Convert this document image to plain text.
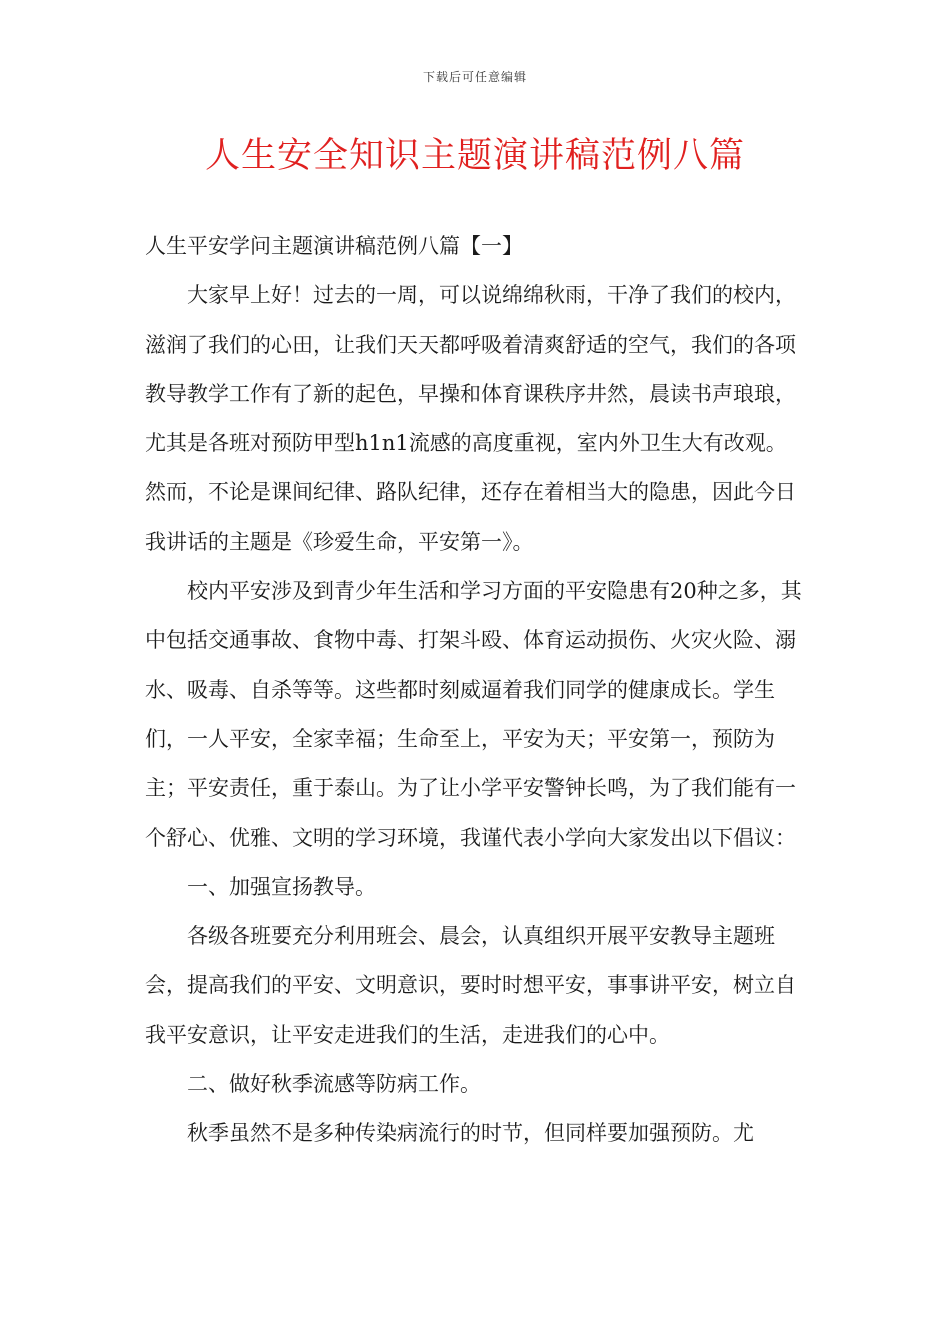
下载后可任意编辑
人生安全知识主题演讲稿范例八篇

人生平安学问主题演讲稿范例八篇【一】

大家早上好！过去的一周，可以说绵绵秋雨，干净了我们的校内，滋润了我们的心田，让我们天天都呼吸着清爽舒适的空气，我们的各项教导教学工作有了新的起色，早操和体育课秩序井然，晨读书声琅琅，尤其是各班对预防甲型h1n1流感的高度重视，室内外卫生大有改观。然而，不论是课间纪律、路队纪律，还存在着相当大的隐患，因此今日我讲话的主题是《珍爱生命，平安第一》。

校内平安涉及到青少年生活和学习方面的平安隐患有20种之多，其中包括交通事故、食物中毒、打架斗殴、体育运动损伤、火灾火险、溺水、吸毒、自杀等等。这些都时刻威逼着我们同学的健康成长。学生们，一人平安，全家幸福；生命至上，平安为天；平安第一，预防为主；平安责任，重于泰山。为了让小学平安警钟长鸣，为了我们能有一个舒心、优雅、文明的学习环境，我谨代表小学向大家发出以下倡议：

一、加强宣扬教导。

各级各班要充分利用班会、晨会，认真组织开展平安教导主题班会，提高我们的平安、文明意识，要时时想平安，事事讲平安，树立自我平安意识，让平安走进我们的生活，走进我们的心中。

二、做好秋季流感等防病工作。

秋季虽然不是多种传染病流行的时节，但同样要加强预防。尤
